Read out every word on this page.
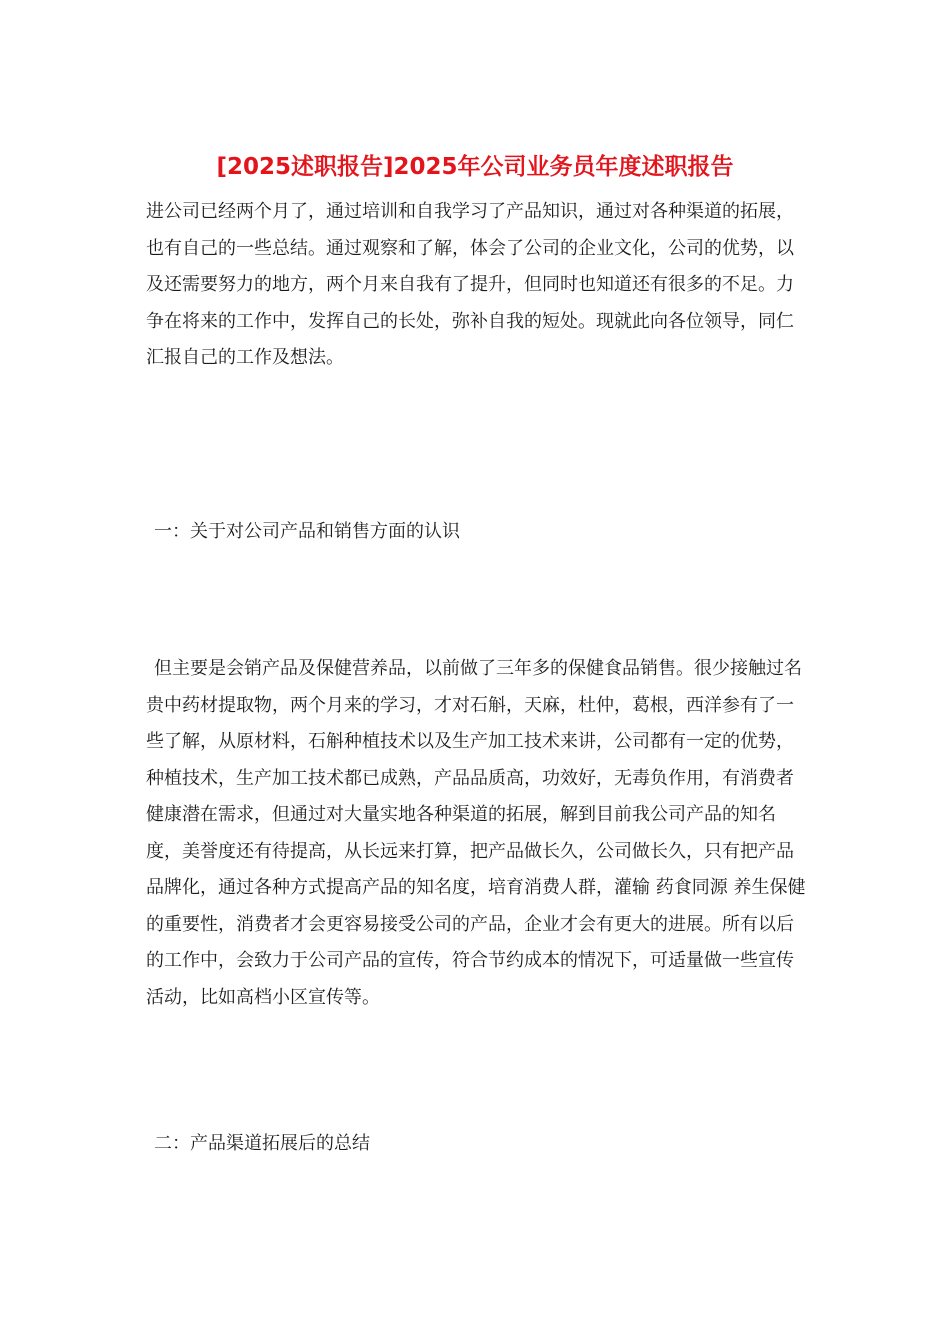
[2025述职报告]2025年公司业务员年度述职报告

进公司已经两个月了，通过培训和自我学习了产品知识，通过对各种渠道的拓展，也有自己的一些总结。通过观察和了解，体会了公司的企业文化，公司的优势，以及还需要努力的地方，两个月来自我有了提升，但同时也知道还有很多的不足。力争在将来的工作中，发挥自己的长处，弥补自我的短处。现就此向各位领导，同仁汇报自己的工作及想法。

一：关于对公司产品和销售方面的认识

但主要是会销产品及保健营养品，以前做了三年多的保健食品销售。很少接触过名贵中药材提取物，两个月来的学习，才对石斛，天麻，杜仲，葛根，西洋参有了一些了解，从原材料，石斛种植技术以及生产加工技术来讲，公司都有一定的优势，种植技术，生产加工技术都已成熟，产品品质高，功效好，无毒负作用，有消费者健康潜在需求，但通过对大量实地各种渠道的拓展，解到目前我公司产品的知名度，美誉度还有待提高，从长远来打算，把产品做长久，公司做长久，只有把产品品牌化，通过各种方式提高产品的知名度，培育消费人群，灌输 药食同源 养生保健的重要性，消费者才会更容易接受公司的产品，企业才会有更大的进展。所有以后的工作中，会致力于公司产品的宣传，符合节约成本的情况下，可适量做一些宣传活动，比如高档小区宣传等。

二：产品渠道拓展后的总结
